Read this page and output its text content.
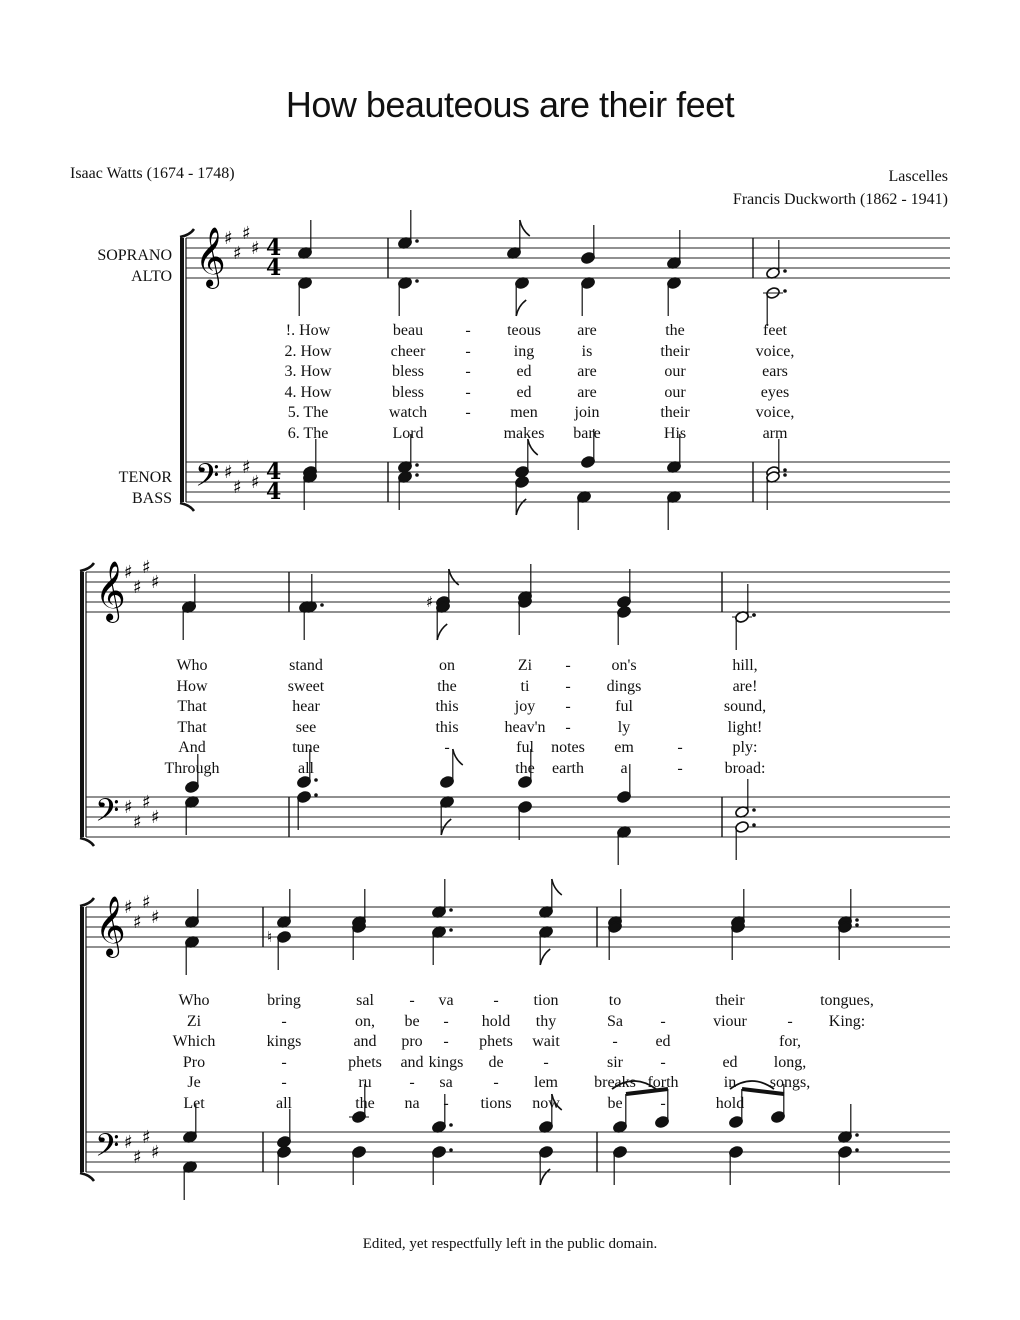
How beauteous are their feet
Isaac Watts (1674 - 1748)	Lascelles
Francis Duckworth (1862 - 1941)
SOPRANO
ALTO
TENOR
BASS
𝄞
𝄢
♯
♯
♯
♯
♯
♯
♯
♯
4
4
4
4
𝄞
𝄢
♯
♯
♯
♯
♯
♯
♯
♯
𝄞
𝄢
♯
♯
♯
♯
♯
♯
♯
♯
♯
♮
!. How	beau	- teous are	the	feet
2. How	cheer	-	ing	is	their	voice,
3. How	bless	-	ed	are	our	ears
4. How	bless	-	ed	are	our	eyes
5. The	watch - men join	their	voice,
6. The	Lord	makes bare	His	arm
Who	stand	on	Zi -	on's	hill,
How	sweet	the	ti - dings	are!
That	hear	this	joy -	ful	sound,
That	see	this	heav'n -	ly	light!
And	tune	-	ful notes em	-	ply:
Through	all	the earth a	-	broad:
Who	bring	sal - va - tion	to	their	tongues,
Zi	-	on, be - hold thy	Sa -	viour	- King:
Which	kings	and pro - phets wait	- ed	for,
Pro	-	phets and kings de -	sir -	ed long,
Je	-	ru - sa	- lem breaks forth	in songs,
Let	all	the na - tions now	be -	hold
Edited, yet respectfully left in the public domain.
